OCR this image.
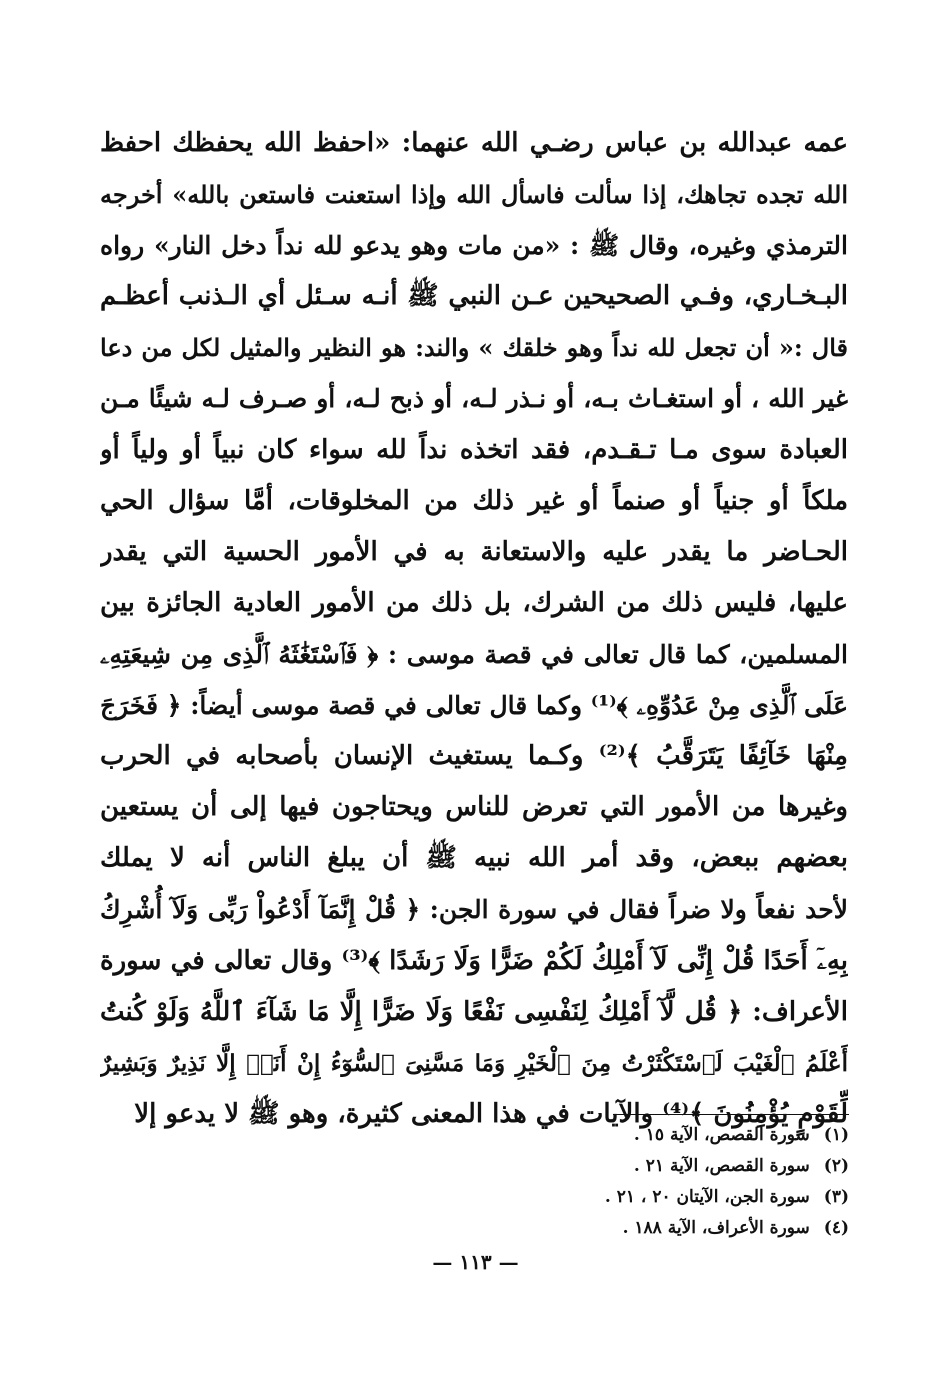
عمه عبدالله بن عباس رضـي الله عنهما: «احفظ الله يحفظك احفظ
الله تجده تجاهك، إذا سألت فاسأل الله وإذا استعنت فاستعن بالله» أخرجه
الترمذي وغيره، وقال ﷺ : «من مات وهو يدعو لله نداً دخل النار» رواه
البـخـاري، وفـي الصحيحين عـن النبي ﷺ أنـه سـئل أي الـذنب أعظـم
قال :« أن تجعل لله نداً وهو خلقك » والند: هو النظير والمثيل لكل من دعا
غير الله ، أو استغـاث بـه، أو نـذر لـه، أو ذبح لـه، أو صـرف لـه شيئًا مـن
العبادة سوى مـا تـقـدم، فقد اتخذه نداً لله سواء كان نبياً أو ولياً أو
ملكاً أو جنياً أو صنماً أو غير ذلك من المخلوقات، أمَّا سؤال الحي
الحـاضر ما يقدر عليه والاستعانة به في الأمور الحسية التي يقدر
عليها، فليس ذلك من الشرك، بل ذلك من الأمور العادية الجائزة بين
المسلمين، كما قال تعالى في قصة موسى : ﴿ فَٱسْتَغَٰثَهُ ٱلَّذِى مِن شِيعَتِهِۦ
عَلَى ٱلَّذِى مِنْ عَدُوِّهِۦ ﴾⁽¹⁾ وكما قال تعالى في قصة موسى أيضاً: ﴿ فَخَرَجَ
مِنْهَا خَآئِفًا يَتَرَقَّبُ ﴾⁽²⁾ وكـما يستغيث الإنسان بأصحابه في الحرب
وغيرها من الأمور التي تعرض للناس ويحتاجون فيها إلى أن يستعين
بعضهم ببعض، وقد أمر الله نبيه ﷺ أن يبلغ الناس أنه لا يملك
لأحد نفعاً ولا ضراً فقال في سورة الجن: ﴿ قُلْ إِنَّمَآ أَدْعُواْ رَبِّى وَلَآ أُشْرِكُ
بِهِۦٓ أَحَدًا قُلْ إِنِّى لَآ أَمْلِكُ لَكُمْ ضَرًّا وَلَا رَشَدًا ﴾⁽³⁾ وقال تعالى في سورة
الأعراف: ﴿ قُل لَّآ أَمْلِكُ لِنَفْسِى نَفْعًا وَلَا ضَرًّا إِلَّا مَا شَآءَ ٱللَّهُ وَلَوْ كُنتُ
أَعْلَمُ ٱلْغَيْبَ لَٱسْتَكْثَرْتُ مِنَ ٱلْخَيْرِ وَمَا مَسَّنِىَ ٱلسُّوٓءُ إِنْ أَنَا۠ إِلَّا نَذِيرٌ وَبَشِيرٌ
لِّقَوْمٍ يُؤْمِنُونَ ﴾⁽⁴⁾ والآيات في هذا المعنى كثيرة، وهو ﷺ لا يدعو إلا
(١)سورة القصص، الآية ١٥ .
(٢)سورة القصص، الآية ٢١ .
(٣)سورة الجن، الآيتان ٢٠ ، ٢١ .
(٤)سورة الأعراف، الآية ١٨٨ .
— ١١٣ —
